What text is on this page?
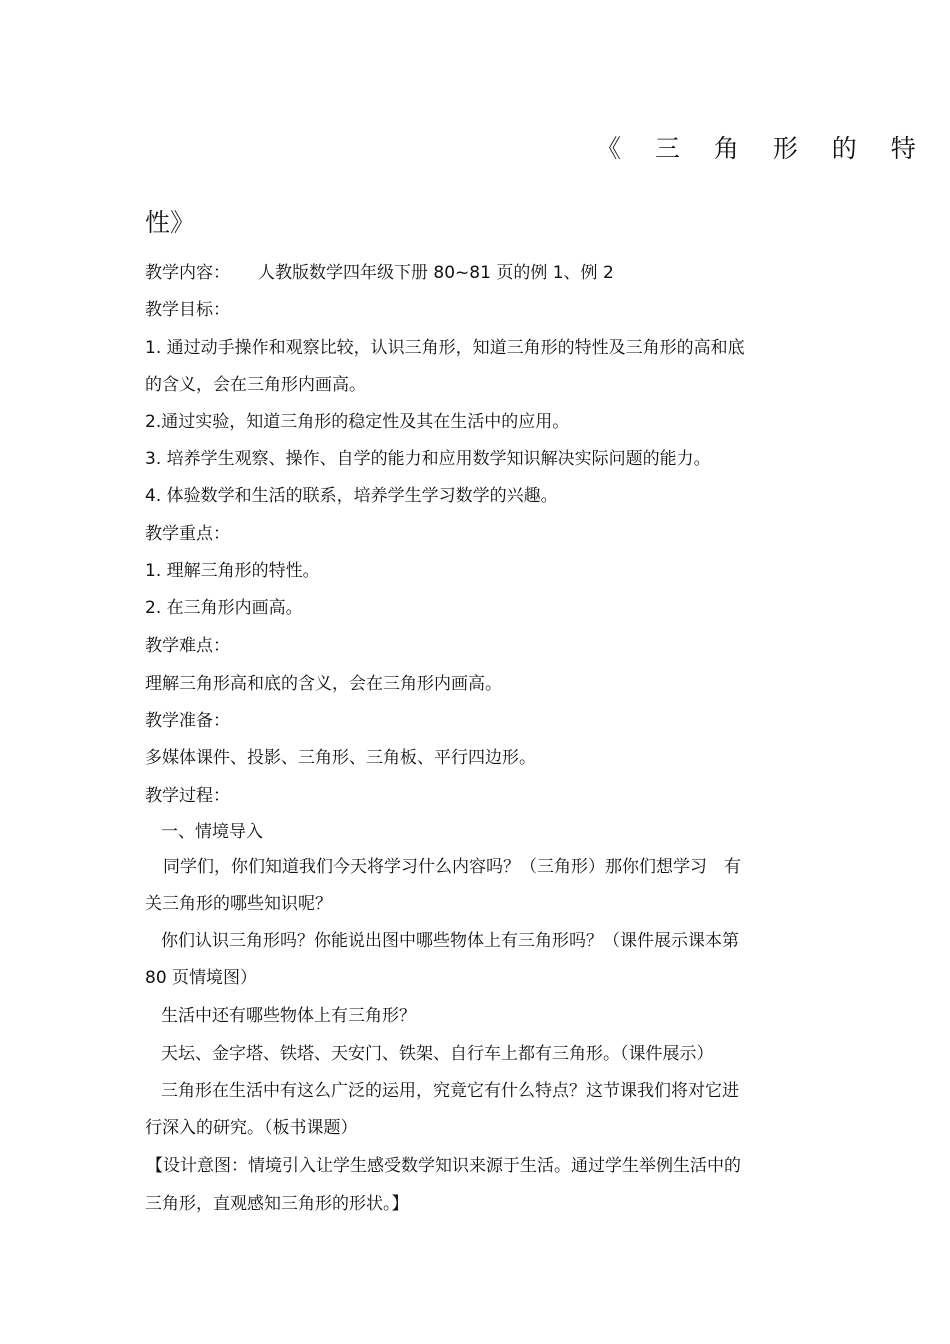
《 三 角 形 的 特
性》
教学内容： 人教版数学四年级下册 80~81 页的例 1、例 2
教学目标：
1. 通过动手操作和观察比较，认识三角形，知道三角形的特性及三角形的高和底
的含义，会在三角形内画高。
2.通过实验，知道三角形的稳定性及其在生活中的应用。
3. 培养学生观察、操作、自学的能力和应用数学知识解决实际问题的能力。
4. 体验数学和生活的联系，培养学生学习数学的兴趣。
教学重点：
1. 理解三角形的特性。
2. 在三角形内画高。
教学难点：
理解三角形高和底的含义，会在三角形内画高。
教学准备：
多媒体课件、投影、三角形、三角板、平行四边形。
教学过程：
一、情境导入
同学们，你们知道我们今天将学习什么内容吗？（三角形）那你们想学习　有
关三角形的哪些知识呢？
你们认识三角形吗？你能说出图中哪些物体上有三角形吗？（课件展示课本第
80 页情境图）
生活中还有哪些物体上有三角形？
天坛、金字塔、铁塔、天安门、铁架、自行车上都有三角形。（课件展示）
三角形在生活中有这么广泛的运用，究竟它有什么特点？这节课我们将对它进
行深入的研究。（板书课题）
【设计意图：情境引入让学生感受数学知识来源于生活。通过学生举例生活中的
三角形，直观感知三角形的形状。】
